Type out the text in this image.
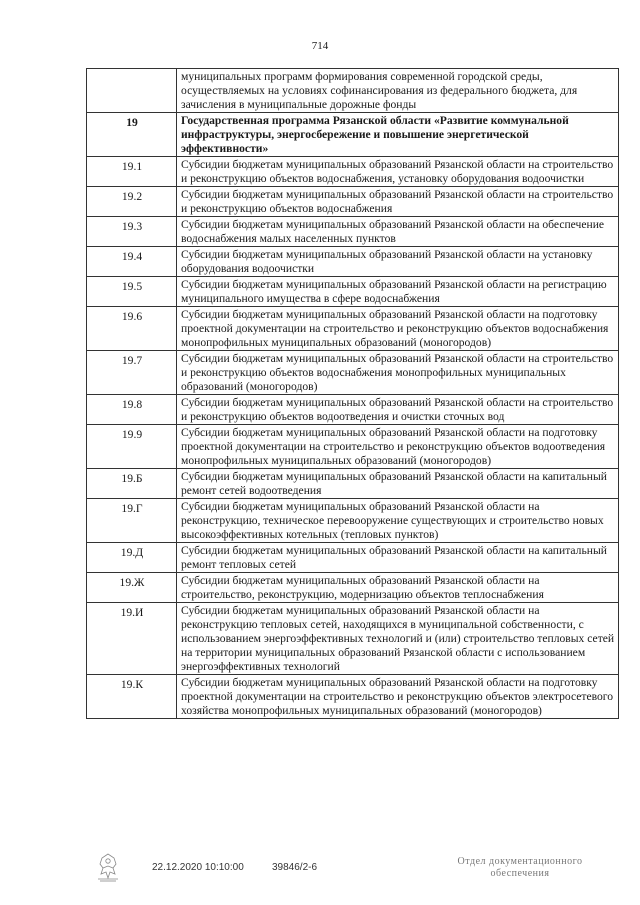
714
	муниципальных программ формирования современной городской среды, осуществляемых на условиях софинансирования из федерального бюджета, для зачисления в муниципальные дорожные фонды
19	Государственная программа Рязанской области «Развитие коммунальной инфраструктуры, энергосбережение и повышение энергетической эффективности»
19.1	Субсидии бюджетам муниципальных образований Рязанской области на строительство и реконструкцию объектов водоснабжения, установку оборудования водоочистки
19.2	Субсидии бюджетам муниципальных образований Рязанской области на строительство и реконструкцию объектов водоснабжения
19.3	Субсидии бюджетам муниципальных образований Рязанской области на обеспечение водоснабжения малых населенных пунктов
19.4	Субсидии бюджетам муниципальных образований Рязанской области на установку оборудования водоочистки
19.5	Субсидии бюджетам муниципальных образований Рязанской области на регистрацию муниципального имущества в сфере водоснабжения
19.6	Субсидии бюджетам муниципальных образований Рязанской области на подготовку проектной документации на строительство и реконструкцию объектов водоснабжения монопрофильных муниципальных образований (моногородов)
19.7	Субсидии бюджетам муниципальных образований Рязанской области на строительство и реконструкцию объектов водоснабжения монопрофильных муниципальных образований (моногородов)
19.8	Субсидии бюджетам муниципальных образований Рязанской области на строительство и реконструкцию объектов водоотведения и очистки сточных вод
19.9	Субсидии бюджетам муниципальных образований Рязанской области на подготовку проектной документации на строительство и реконструкцию объектов водоотведения монопрофильных муниципальных образований (моногородов)
19.Б	Субсидии бюджетам муниципальных образований Рязанской области на капитальный ремонт сетей водоотведения
19.Г	Субсидии бюджетам муниципальных образований Рязанской области на реконструкцию, техническое перевооружение существующих и строительство новых высокоэффективных котельных (тепловых пунктов)
19.Д	Субсидии бюджетам муниципальных образований Рязанской области на капитальный ремонт тепловых сетей
19.Ж	Субсидии бюджетам муниципальных образований Рязанской области на строительство, реконструкцию, модернизацию объектов теплоснабжения
19.И	Субсидии бюджетам муниципальных образований Рязанской области на реконструкцию тепловых сетей, находящихся в муниципальной собственности, с использованием энергоэффективных технологий и (или) строительство тепловых сетей на территории муниципальных образований Рязанской области с использованием энергоэффективных технологий
19.К	Субсидии бюджетам муниципальных образований Рязанской области на подготовку проектной документации на строительство и реконструкцию объектов электросетевого хозяйства монопрофильных муниципальных образований (моногородов)
22.12.2020 10:10:00	39846/2-6
Отдел документационного
обеспечения
